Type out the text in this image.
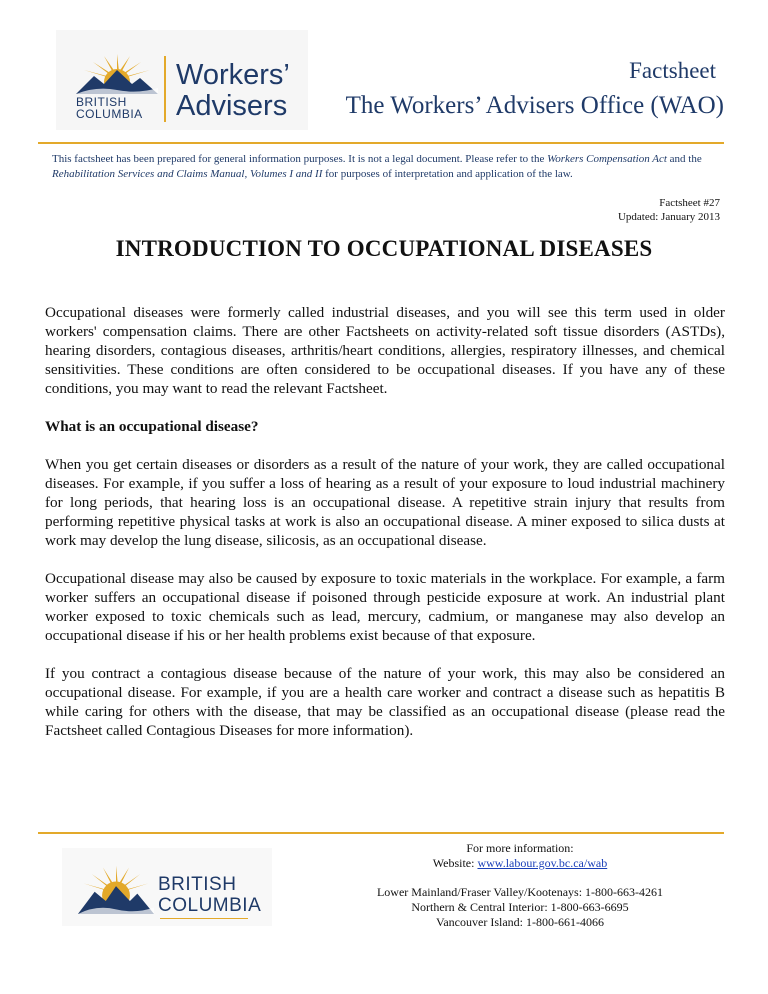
BRITISH
COLUMBIA
Workers’
Advisers
Factsheet
The Workers’ Advisers Office (WAO)
This factsheet has been prepared for general information purposes. It is not a legal document. Please refer to the Workers Compensation Act and the Rehabilitation Services and Claims Manual, Volumes I and II for purposes of interpretation and application of the law.
Factsheet #27
Updated: January 2013
INTRODUCTION TO OCCUPATIONAL DISEASES

Occupational diseases were formerly called industrial diseases, and you will see this term used in older workers' compensation claims. There are other Factsheets on activity-related soft tissue disorders (ASTDs), hearing disorders, contagious diseases, arthritis/heart conditions, allergies, respiratory illnesses, and chemical sensitivities. These conditions are often considered to be occupational diseases. If you have any of these conditions, you may want to read the relevant Factsheet.

What is an occupational disease?

When you get certain diseases or disorders as a result of the nature of your work, they are called occupational diseases. For example, if you suffer a loss of hearing as a result of your exposure to loud industrial machinery for long periods, that hearing loss is an occupational disease. A repetitive strain injury that results from performing repetitive physical tasks at work is also an occupational disease. A miner exposed to silica dusts at work may develop the lung disease, silicosis, as an occupational disease.

Occupational disease may also be caused by exposure to toxic materials in the workplace. For example, a farm worker suffers an occupational disease if poisoned through pesticide exposure at work. An industrial plant worker exposed to toxic chemicals such as lead, mercury, cadmium, or manganese may also develop an occupational disease if his or her health problems exist because of that exposure.

If you contract a contagious disease because of the nature of your work, this may also be considered an occupational disease. For example, if you are a health care worker and contract a disease such as hepatitis B while caring for others with the disease, that may be classified as an occupational disease (please read the Factsheet called Contagious Diseases for more information).

BRITISH
COLUMBIA
For more information:
Website: www.labour.gov.bc.ca/wab
Lower Mainland/Fraser Valley/Kootenays: 1-800-663-4261
Northern & Central Interior: 1-800-663-6695
Vancouver Island: 1-800-661-4066
